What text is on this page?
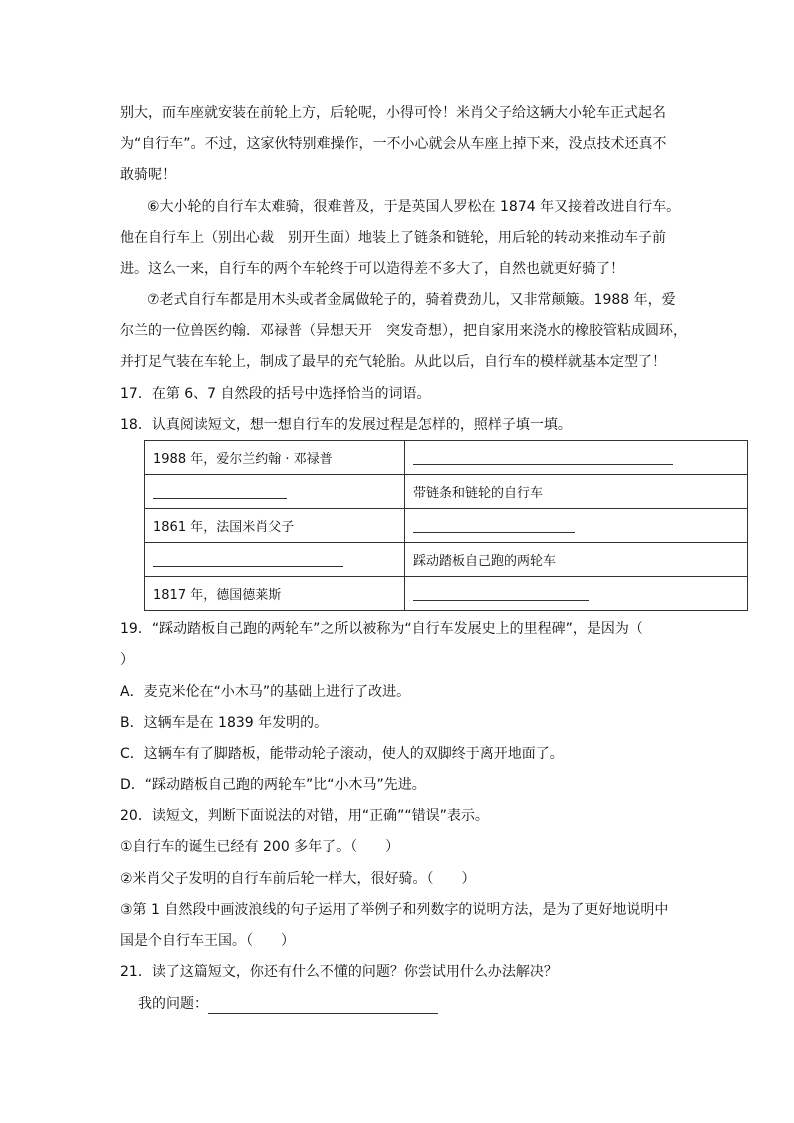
别大，而车座就安装在前轮上方，后轮呢，小得可怜！米肖父子给这辆大小轮车正式起名
为“自行车”。不过，这家伙特别难操作，一不小心就会从车座上掉下来，没点技术还真不
敢骑呢！
⑥大小轮的自行车太难骑，很难普及，于是英国人罗松在 1874 年又接着改进自行车。
他在自行车上（别出心裁　别开生面）地装上了链条和链轮，用后轮的转动来推动车子前
进。这么一来，自行车的两个车轮终于可以造得差不多大了，自然也就更好骑了！
⑦老式自行车都是用木头或者金属做轮子的，骑着费劲儿，又非常颠簸。1988 年，爱
尔兰的一位兽医约翰．邓禄普（异想天开　突发奇想），把自家用来浇水的橡胶管粘成圆环，
并打足气装在车轮上，制成了最早的充气轮胎。从此以后，自行车的模样就基本定型了！
17．在第 6、7 自然段的括号中选择恰当的词语。
18．认真阅读短文，想一想自行车的发展过程是怎样的，照样子填一填。
1988 年，爱尔兰约翰 · 邓禄普	
	带链条和链轮的自行车
1861 年，法国米肖父子	
	踩动踏板自己跑的两轮车
1817 年，德国德莱斯	
19．“踩动踏板自己跑的两轮车”之所以被称为“自行车发展史上的里程碑”，是因为（
）
A．麦克米伦在“小木马”的基础上进行了改进。
B．这辆车是在 1839 年发明的。
C．这辆车有了脚踏板，能带动轮子滚动，使人的双脚终于离开地面了。
D．“踩动踏板自己跑的两轮车”比“小木马”先进。
20．读短文，判断下面说法的对错，用“正确”“错误”表示。
①自行车的诞生已经有 200 多年了。（　　）
②米肖父子发明的自行车前后轮一样大，很好骑。（　　）
③第 1 自然段中画波浪线的句子运用了举例子和列数字的说明方法，是为了更好地说明中
国是个自行车王国。（　　）
21．读了这篇短文，你还有什么不懂的问题？你尝试用什么办法解决？
我的问题：
